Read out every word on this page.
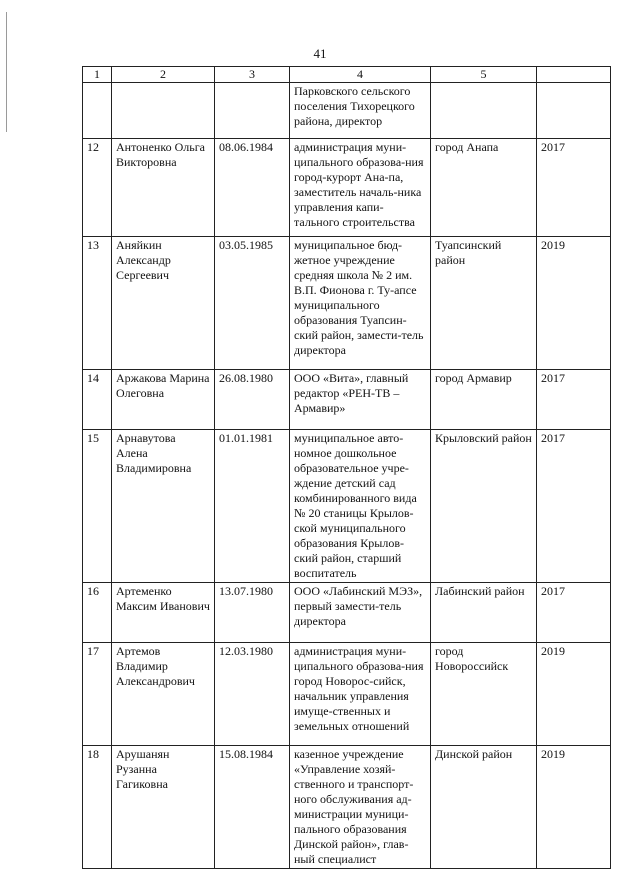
41
1	2	3	4	5	
			Парковского сельского поселения Тихорецкого района, директор		
12	Антоненко Ольга Викторовна	08.06.1984	администрация муни-ципального образова-ния город-курорт Ана-па, заместитель началь-ника управления капи-тального строительства	город Анапа	2017
13	Аняйкин Александр Сергеевич	03.05.1985	муниципальное бюд-жетное учреждение средняя школа № 2 им. В.П. Фионова г. Ту-апсе муниципального образования Туапсин-ский район, замести-тель директора	Туапсинский район	2019
14	Аржакова Марина Олеговна	26.08.1980	ООО «Вита», главный редактор «РЕН-ТВ – Армавир»	город Армавир	2017
15	Арнавутова Алена Владимировна	01.01.1981	муниципальное авто-номное дошкольное образовательное учре-ждение детский сад комбинированного вида № 20 станицы Крылов-ской муниципального образования Крылов-ский район, старший воспитатель	Крыловский район	2017
16	Артеменко Максим Иванович	13.07.1980	ООО «Лабинский МЭЗ», первый замести-тель директора	Лабинский район	2017
17	Артемов Владимир Александрович	12.03.1980	администрация муни-ципального образова-ния город Новорос-сийск, начальник управления имуще-ственных и земельных отношений	город Новороссийск	2019
18	Арушанян Рузанна Гагиковна	15.08.1984	казенное учреждение «Управление хозяй-ственного и транспорт-ного обслуживания ад-министрации муници-пального образования Динской район», глав-ный специалист	Динской район	2019
